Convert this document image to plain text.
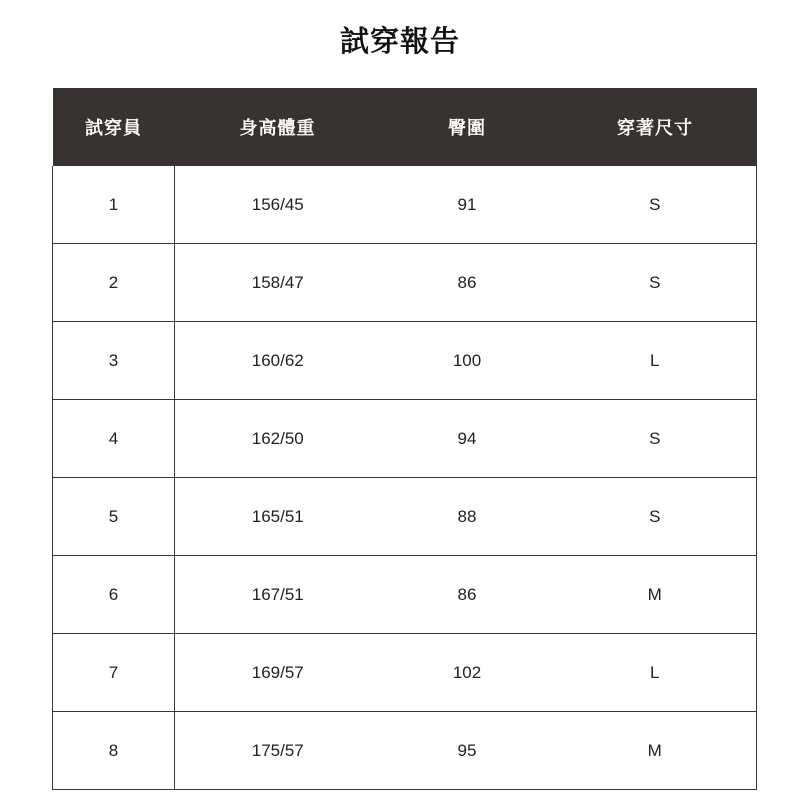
試穿報告
試穿員	身高體重	臀圍	穿著尺寸
1	156/45	91	S
2	158/47	86	S
3	160/62	100	L
4	162/50	94	S
5	165/51	88	S
6	167/51	86	M
7	169/57	102	L
8	175/57	95	M
